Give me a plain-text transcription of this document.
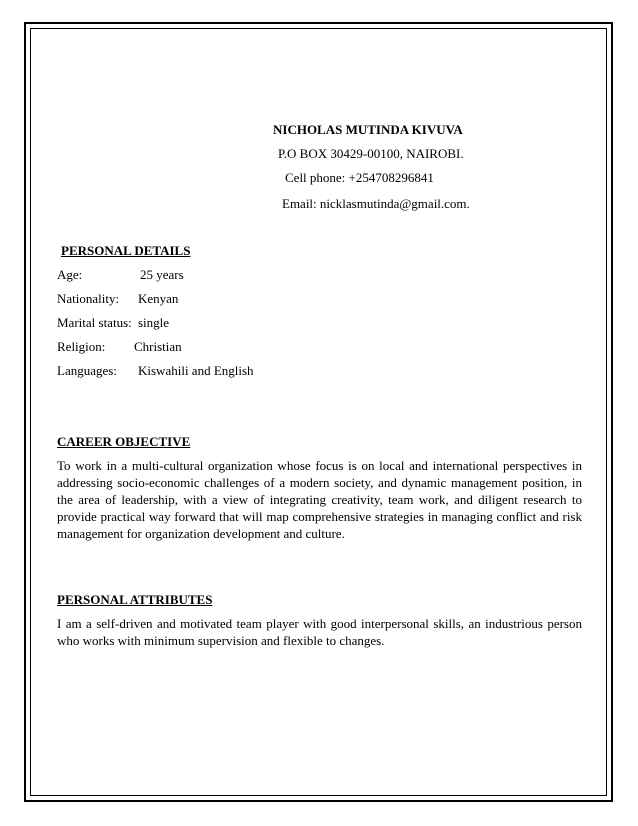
NICHOLAS MUTINDA KIVUVA
P.O BOX 30429-00100, NAIROBI.
Cell phone: +254708296841
Email: nicklasmutinda@gmail.com.
PERSONAL DETAILS
Age:	25 years
Nationality: Kenyan
Marital status: single
Religion: Christian
Languages: Kiswahili and English
CAREER OBJECTIVE
To work in a multi-cultural organization whose focus is on local and international perspectives in addressing socio-economic challenges of a modern society, and dynamic management position, in the area of leadership, with a view of integrating creativity, team work, and diligent research to provide practical way forward that will map comprehensive strategies in managing conflict and risk management for organization development and culture.
PERSONAL ATTRIBUTES
I am a self-driven and motivated team player with good interpersonal skills, an industrious person who works with minimum supervision and flexible to changes.
